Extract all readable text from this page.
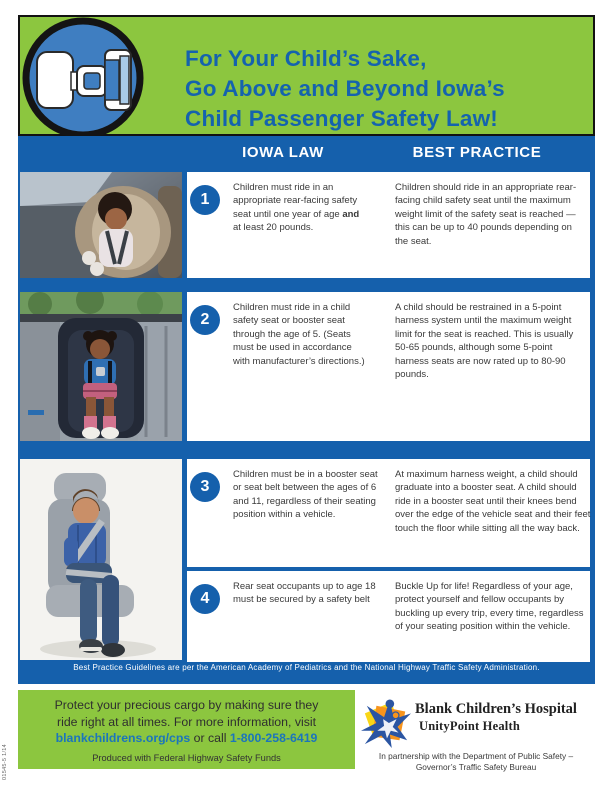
For Your Child’s Sake,
Go Above and Beyond Iowa’s
Child Passenger Safety Law!
IOWA LAW	BEST PRACTICE
1
Children must ride in an appropriate rear-facing safety seat until one year of age and at least 20 pounds.
Children should ride in an appropriate rear-facing child safety seat until the maximum weight limit of the safety seat is reached — this can be up to 40 pounds depending on the seat.
2
Children must ride in a child safety seat or booster seat through the age of 5. (Seats must be used in accordance with manufacturer’s directions.)
A child should be restrained in a 5-point harness system until the maximum weight limit for the seat is reached. This is usually 50-65 pounds, although some 5-point harness seats are now rated up to 80-90 pounds.
3
Children must be in a booster seat or seat belt between the ages of 6 and 11, regardless of their seating position within a vehicle.
At maximum harness weight, a child should graduate into a booster seat. A child should ride in a booster seat until their knees bend over the edge of the vehicle seat and their feet touch the floor while sitting all the way back.
4
Rear seat occupants up to age 18 must be secured by a safety belt
Buckle Up for life! Regardless of your age, protect yourself and fellow occupants by buckling up every trip, every time, regardless of your seating position within the vehicle.
Best Practice Guidelines are per the American Academy of Pediatrics and the National Highway Traffic Safety Administration.
Protect your precious cargo by making sure they
ride right at all times. For more information, visit
blankchildrens.org/cps or call 1-800-258-6419
Produced with Federal Highway Safety Funds
01545-5 1/14
Blank Children’s Hospital
UnityPoint Health
In partnership with the Department of Public Safety –
Governor’s Traffic Safety Bureau
